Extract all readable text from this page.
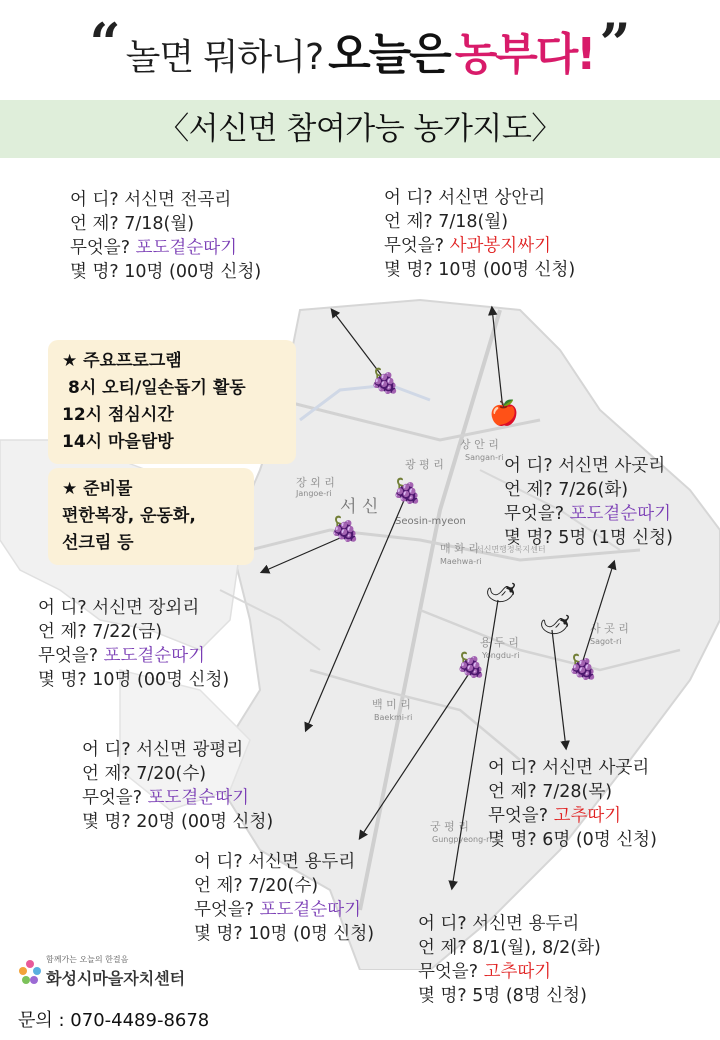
“ 놀면 뭐하니? 오늘은 농부다! ”
〈서신면 참여가능 농가지도〉
상 안 리
Sangan-ri
광 평 리
서 신
Seosin-myeon
장 외 리
Jangoe-ri
매 화 리
Maehwa-ri
사 곳 리
Sagot-ri
용 두 리
Yongdu-ri
백 미 리
Baekmi-ri
궁 평 리
Gungpyeong-ri
서신면행정복지센터
🍇
🍎
🍇
🍇
🌶
🌶
🍇	🍇
★ 주요프로그램
8시 오티/일손돕기 활동
12시 점심시간
14시 마을탐방
★ 준비물
편한복장, 운동화,
선크림 등
어 디? 서신면 전곡리
언 제? 7/18(월)
무엇을? 포도곁순따기
몇 명? 10명 (00명 신청)
어 디? 서신면 상안리
언 제? 7/18(월)
무엇을? 사과봉지싸기
몇 명? 10명 (00명 신청)
어 디? 서신면 사곳리
언 제? 7/26(화)
무엇을? 포도곁순따기
몇 명? 5명 (1명 신청)
어 디? 서신면 장외리
언 제? 7/22(금)
무엇을? 포도곁순따기
몇 명? 10명 (00명 신청)
어 디? 서신면 광평리
언 제? 7/20(수)
무엇을? 포도곁순따기
몇 명? 20명 (00명 신청)
어 디? 서신면 사곳리
언 제? 7/28(목)
무엇을? 고추따기
몇 명? 6명 (0명 신청)
어 디? 서신면 용두리
언 제? 7/20(수)
무엇을? 포도곁순따기
몇 명? 10명 (0명 신청)	어 디? 서신면 용두리
언 제? 8/1(월), 8/2(화)
무엇을? 고추따기
몇 명? 5명 (8명 신청)
함께가는 오늘의 한걸음
화성시마을자치센터
문의 : 070-4489-8678
